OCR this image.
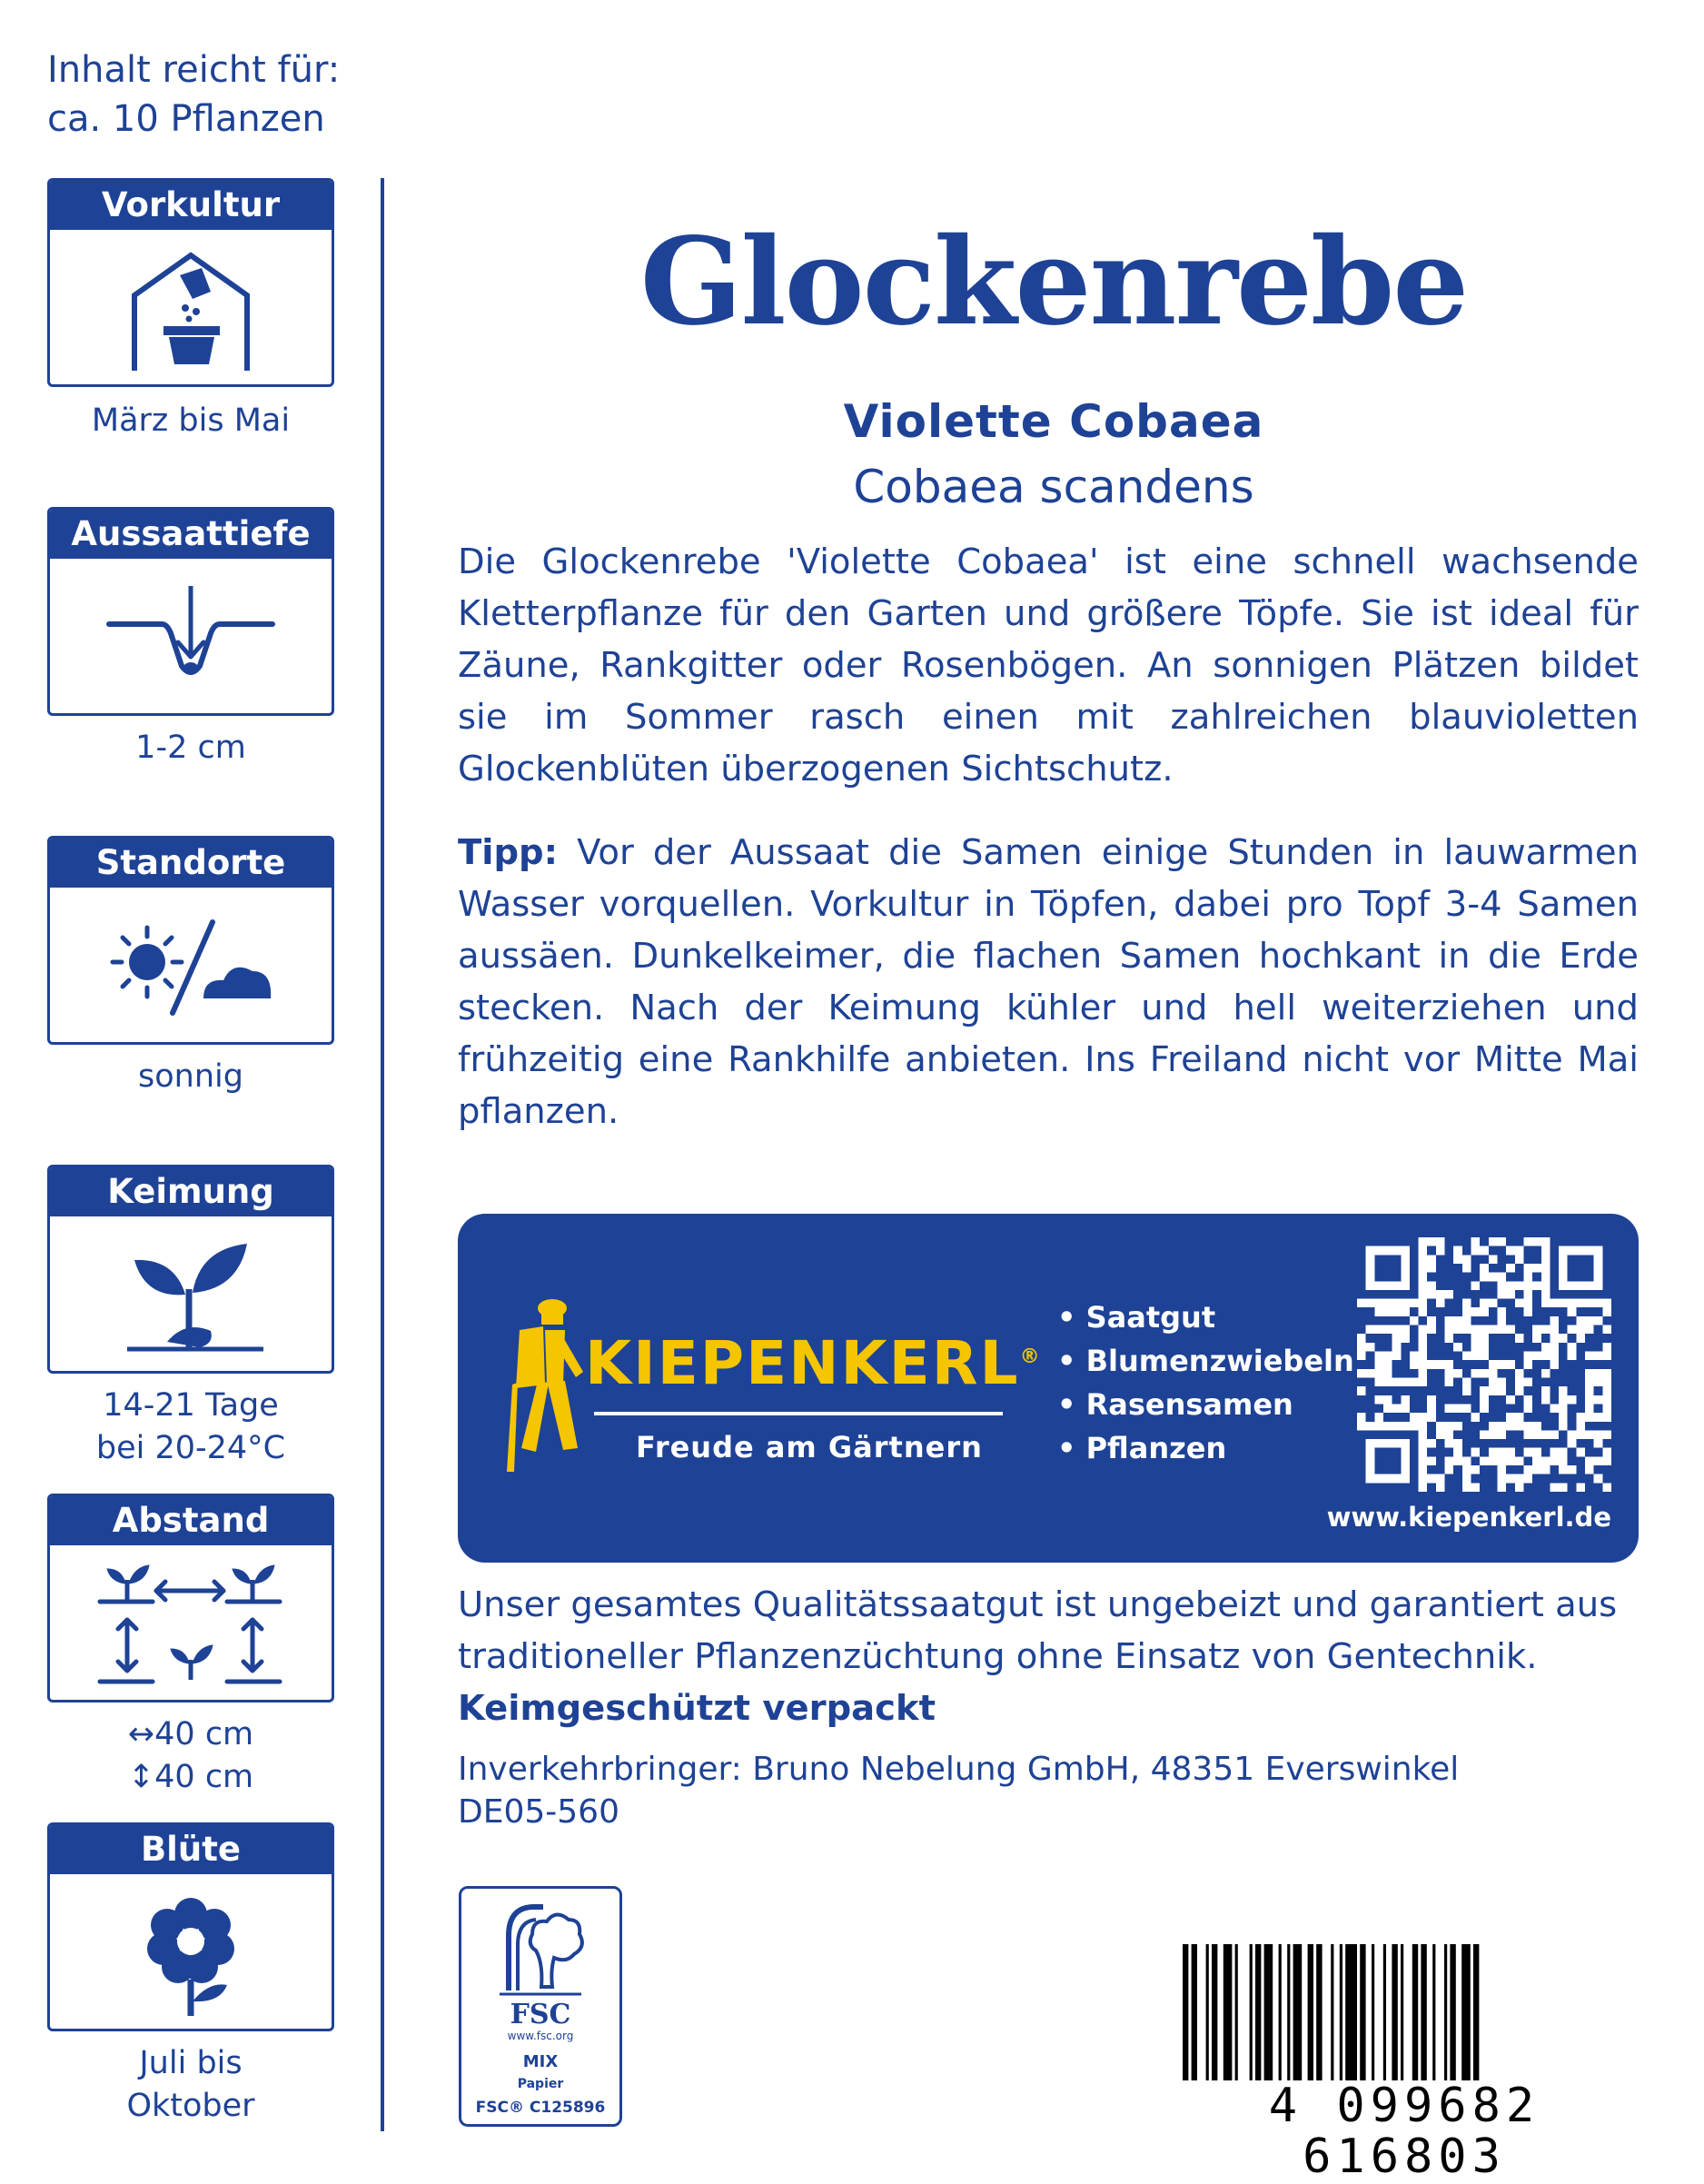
Inhalt reicht für:
ca. 10 Pflanzen
Vorkultur
März bis Mai
Aussaattiefe
1-2 cm
Standorte
sonnig
Keimung
14-21 Tage
bei 20-24°C
Abstand
↔40 cm
↕40 cm
Blüte
Juli bis
Oktober
Glockenrebe
Violette Cobaea
Cobaea scandens
Die Glockenrebe 'Violette Cobaea' ist eine schnell wachsende Kletterpflanze für den Garten und größere Töpfe. Sie ist ideal für Zäune, Rankgitter oder Rosenbögen. An sonnigen Plätzen bildet sie im Sommer rasch einen mit zahlreichen blauvioletten Glockenblüten überzogenen Sichtschutz.
Tipp: Vor der Aussaat die Samen einige Stunden in lauwarmen Wasser vorquellen. Vorkultur in Töpfen, dabei pro Topf 3-4 Samen aussäen. Dunkelkeimer, die flachen Samen hochkant in die Erde stecken. Nach der Keimung kühler und hell weiterziehen und frühzeitig eine Rankhilfe anbieten. Ins Freiland nicht vor Mitte Mai pflanzen.
KIEPENKERL®
Freude am Gärtnern
• Saatgut
• Blumenzwiebeln
• Rasensamen
• Pflanzen
www.kiepenkerl.de
Unser gesamtes Qualitätssaatgut ist ungebeizt und garantiert aus traditioneller Pflanzenzüchtung ohne Einsatz von Gentechnik.
Keimgeschützt verpackt
Inverkehrbringer: Bruno Nebelung GmbH, 48351 Everswinkel
DE05-560
FSC
www.fsc.org
MIX
Papier
FSC® C125896	4 099682 616803
